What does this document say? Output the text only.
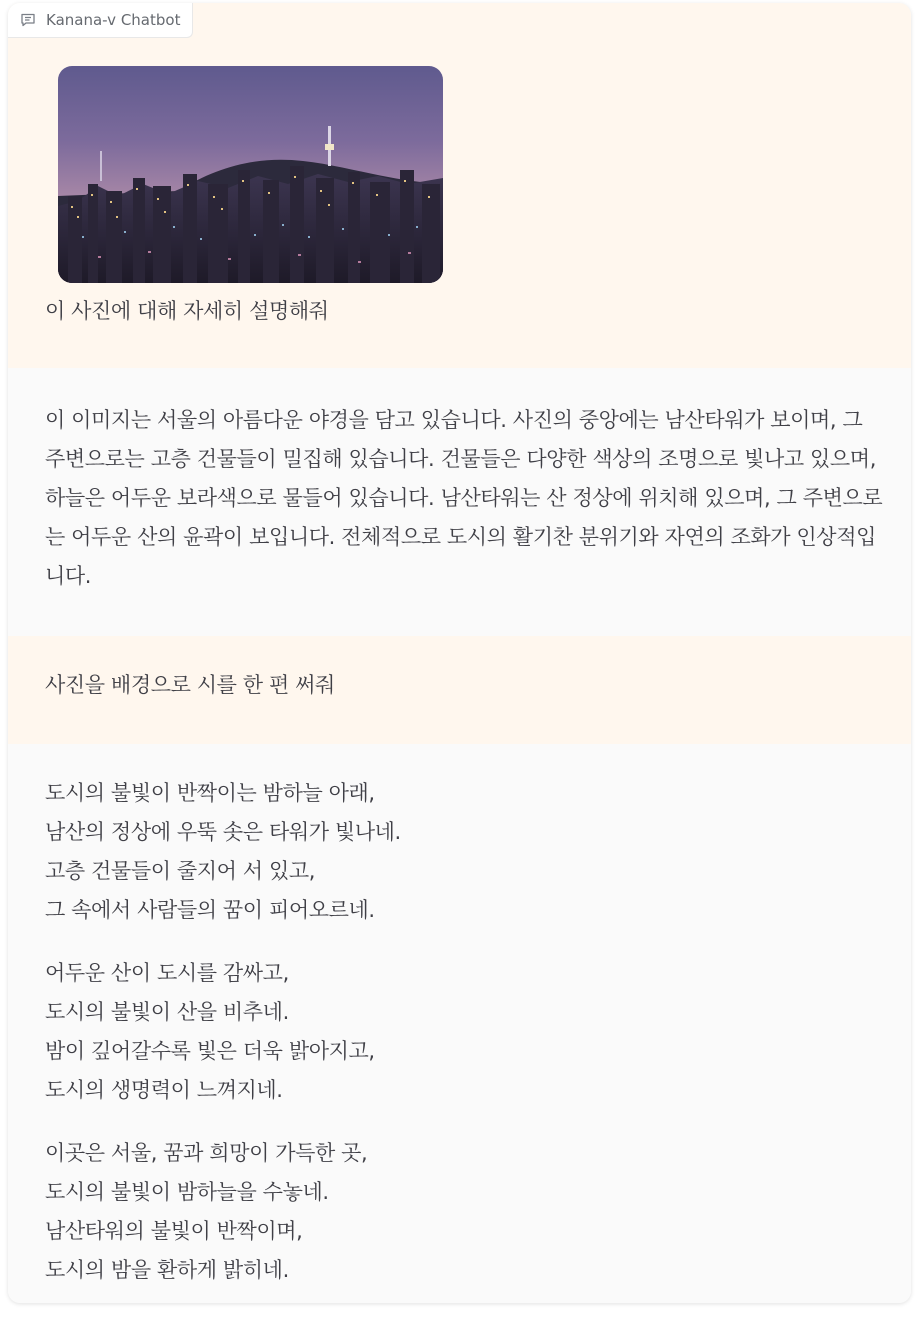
Kanana-v Chatbot
이 사진에 대해 자세히 설명해줘
이 이미지는 서울의 아름다운 야경을 담고 있습니다. 사진의 중앙에는 남산타워가 보이며, 그 주변으로는 고층 건물들이 밀집해 있습니다. 건물들은 다양한 색상의 조명으로 빛나고 있으며, 하늘은 어두운 보라색으로 물들어 있습니다. 남산타워는 산 정상에 위치해 있으며, 그 주변으로는 어두운 산의 윤곽이 보입니다. 전체적으로 도시의 활기찬 분위기와 자연의 조화가 인상적입니다.
사진을 배경으로 시를 한 편 써줘
도시의 불빛이 반짝이는 밤하늘 아래,
남산의 정상에 우뚝 솟은 타워가 빛나네.
고층 건물들이 줄지어 서 있고,
그 속에서 사람들의 꿈이 피어오르네.
어두운 산이 도시를 감싸고,
도시의 불빛이 산을 비추네.
밤이 깊어갈수록 빛은 더욱 밝아지고,
도시의 생명력이 느껴지네.
이곳은 서울, 꿈과 희망이 가득한 곳,
도시의 불빛이 밤하늘을 수놓네.
남산타워의 불빛이 반짝이며,
도시의 밤을 환하게 밝히네.
